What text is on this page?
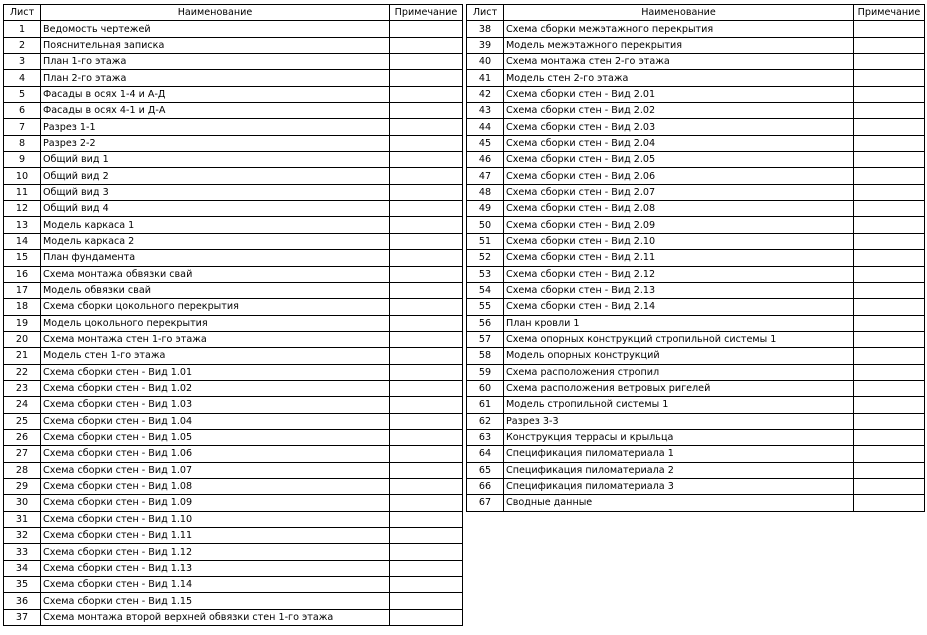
Лист	Наименование	Примечание
1	Ведомость чертежей	
2	Пояснительная записка	
3	План 1-го этажа	
4	План 2-го этажа	
5	Фасады в осях 1-4 и А-Д	
6	Фасады в осях 4-1 и Д-А	
7	Разрез 1-1	
8	Разрез 2-2	
9	Общий вид 1	
10	Общий вид 2	
11	Общий вид 3	
12	Общий вид 4	
13	Модель каркаса 1	
14	Модель каркаса 2	
15	План фундамента	
16	Схема монтажа обвязки свай	
17	Модель обвязки свай	
18	Схема сборки цокольного перекрытия	
19	Модель цокольного перекрытия	
20	Схема монтажа стен 1-го этажа	
21	Модель стен 1-го этажа	
22	Схема сборки стен - Вид 1.01	
23	Схема сборки стен - Вид 1.02	
24	Схема сборки стен - Вид 1.03	
25	Схема сборки стен - Вид 1.04	
26	Схема сборки стен - Вид 1.05	
27	Схема сборки стен - Вид 1.06	
28	Схема сборки стен - Вид 1.07	
29	Схема сборки стен - Вид 1.08	
30	Схема сборки стен - Вид 1.09	
31	Схема сборки стен - Вид 1.10	
32	Схема сборки стен - Вид 1.11	
33	Схема сборки стен - Вид 1.12	
34	Схема сборки стен - Вид 1.13	
35	Схема сборки стен - Вид 1.14	
36	Схема сборки стен - Вид 1.15	
37	Схема монтажа второй верхней обвязки стен 1-го этажа	
Лист	Наименование	Примечание
38	Схема сборки межэтажного перекрытия	
39	Модель межэтажного перекрытия	
40	Схема монтажа стен 2-го этажа	
41	Модель стен 2-го этажа	
42	Схема сборки стен - Вид 2.01	
43	Схема сборки стен - Вид 2.02	
44	Схема сборки стен - Вид 2.03	
45	Схема сборки стен - Вид 2.04	
46	Схема сборки стен - Вид 2.05	
47	Схема сборки стен - Вид 2.06	
48	Схема сборки стен - Вид 2.07	
49	Схема сборки стен - Вид 2.08	
50	Схема сборки стен - Вид 2.09	
51	Схема сборки стен - Вид 2.10	
52	Схема сборки стен - Вид 2.11	
53	Схема сборки стен - Вид 2.12	
54	Схема сборки стен - Вид 2.13	
55	Схема сборки стен - Вид 2.14	
56	План кровли 1	
57	Схема опорных конструкций стропильной системы 1	
58	Модель опорных конструкций	
59	Схема расположения стропил	
60	Схема расположения ветровых ригелей	
61	Модель стропильной системы 1	
62	Разрез 3-3	
63	Конструкция террасы и крыльца	
64	Спецификация пиломатериала 1	
65	Спецификация пиломатериала 2	
66	Спецификация пиломатериала 3	
67	Сводные данные	
